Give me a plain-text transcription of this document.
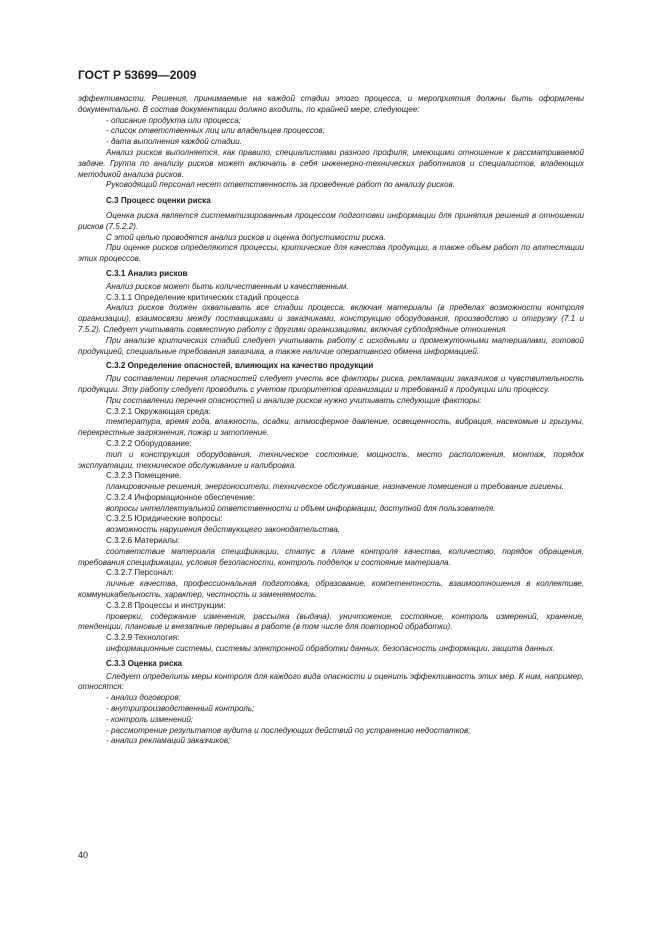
ГОСТ Р 53699—2009

эффективности. Решения, принимаемые на каждой стадии этого процесса, и мероприятия должны быть оформлены документально. В состав документации должно входить, по крайней мере, следующее:

- описание продукта или процесса;

- список ответственных лиц или владельцев процессов;

- дата выполнения каждой стадии.

Анализ рисков выполняется, как правило, специалистами разного профиля, имеющими отношение к рассматриваемой задаче. Группа по анализу рисков может включать в себя инженерно-технических работников и специалистов, владеющих методикой анализа рисков.

Руководящий персонал несет ответственность за проведение работ по анализу рисков.

С.3 Процесс оценки риска

Оценка риска является систематизированным процессом подготовки информации для принятия решения в отношении рисков (7.5.2.2).

С этой целью проводятся анализ рисков и оценка допустимости риска.

При оценке рисков определяются процессы, критические для качества продукции, а также объем работ по аттестации этих процессов.

С.3.1 Анализ рисков

Анализ рисков может быть количественным и качественным.

С.3.1.1 Определение критических стадий процесса

Анализ рисков должен охватывать все стадии процесса, включая материалы (в пределах возможности контроля организации), взаимосвязи между поставщиками и заказчиками, конструкцию оборудования, производство и отгрузку (7.1 и 7.5.2). Следует учитывать совместную работу с другими организациями, включая субподрядные отношения.

При анализе критических стадий следует учитывать работу с исходными и промежуточными материалами, готовой продукцией, специальные требования заказчика, а также наличие оперативного обмена информацией.

С.3.2 Определение опасностей, влияющих на качество продукции

При составлении перечня опасностей следует учесть все факторы риска, рекламации заказчиков и чувствительность продукции. Эту работу следует проводить с учетом приоритетов организации и требований к продукции или процессу.

При составлении перечня опасностей и анализе рисков нужно учитывать следующие факторы:

С.3.2.1 Окружающая среда:

температура, время года, влажность, осадки, атмосферное давление, освещенность, вибрация, насекомые и грызуны, перекрестные загрязнения, пожар и затопление.

С.3.2.2 Оборудование:

тип и конструкция оборудования, техническое состояние, мощность, место расположения, монтаж, порядок эксплуатации, техническое обслуживание и калибровка.

С.3.2.3 Помещение.

планировочные решения, энергоносители, техническое обслуживание, назначение помещения и требование гигиены.

С.3.2.4 Информационное обеспечение:

вопросы интеллектуальной ответственности и объем информации, доступной для пользователя.

С.3.2.5 Юридические вопросы:

возможность нарушения действующего законодательства.

С.3.2.6 Материалы:

соответствие материала спецификации, статус в плане контроля качества, количество, порядок обращения, требования спецификации, условия безопасности, контроль подделок и состояние материала.

С.3.2.7 Персонал:

личные качества, профессиональная подготовка, образование, компетентность, взаимоотношения в коллективе, коммуникабельность, характер, честность и заменяемость.

С.3.2.8 Процессы и инструкции:

проверки, содержание изменения, рассылка (выдача), уничтожение, состояние, контроль измерений, хранение, тенденции, плановые и внезапные перерывы в работе (в том числе для повторной обработки).

С.3.2.9 Технология:

информационные системы, системы электронной обработки данных, безопасность информации, защита данных.

С.3.3 Оценка риска

Следует определить меры контроля для каждого вида опасности и оценить эффективность этих мер. К ним, например, относятся:

- анализ договоров;

- внутрипроизводственный контроль;

- контроль изменений;

- рассмотрение результатов аудита и последующих действий по устранению недостатков;

- анализ рекламаций заказчиков;

40
